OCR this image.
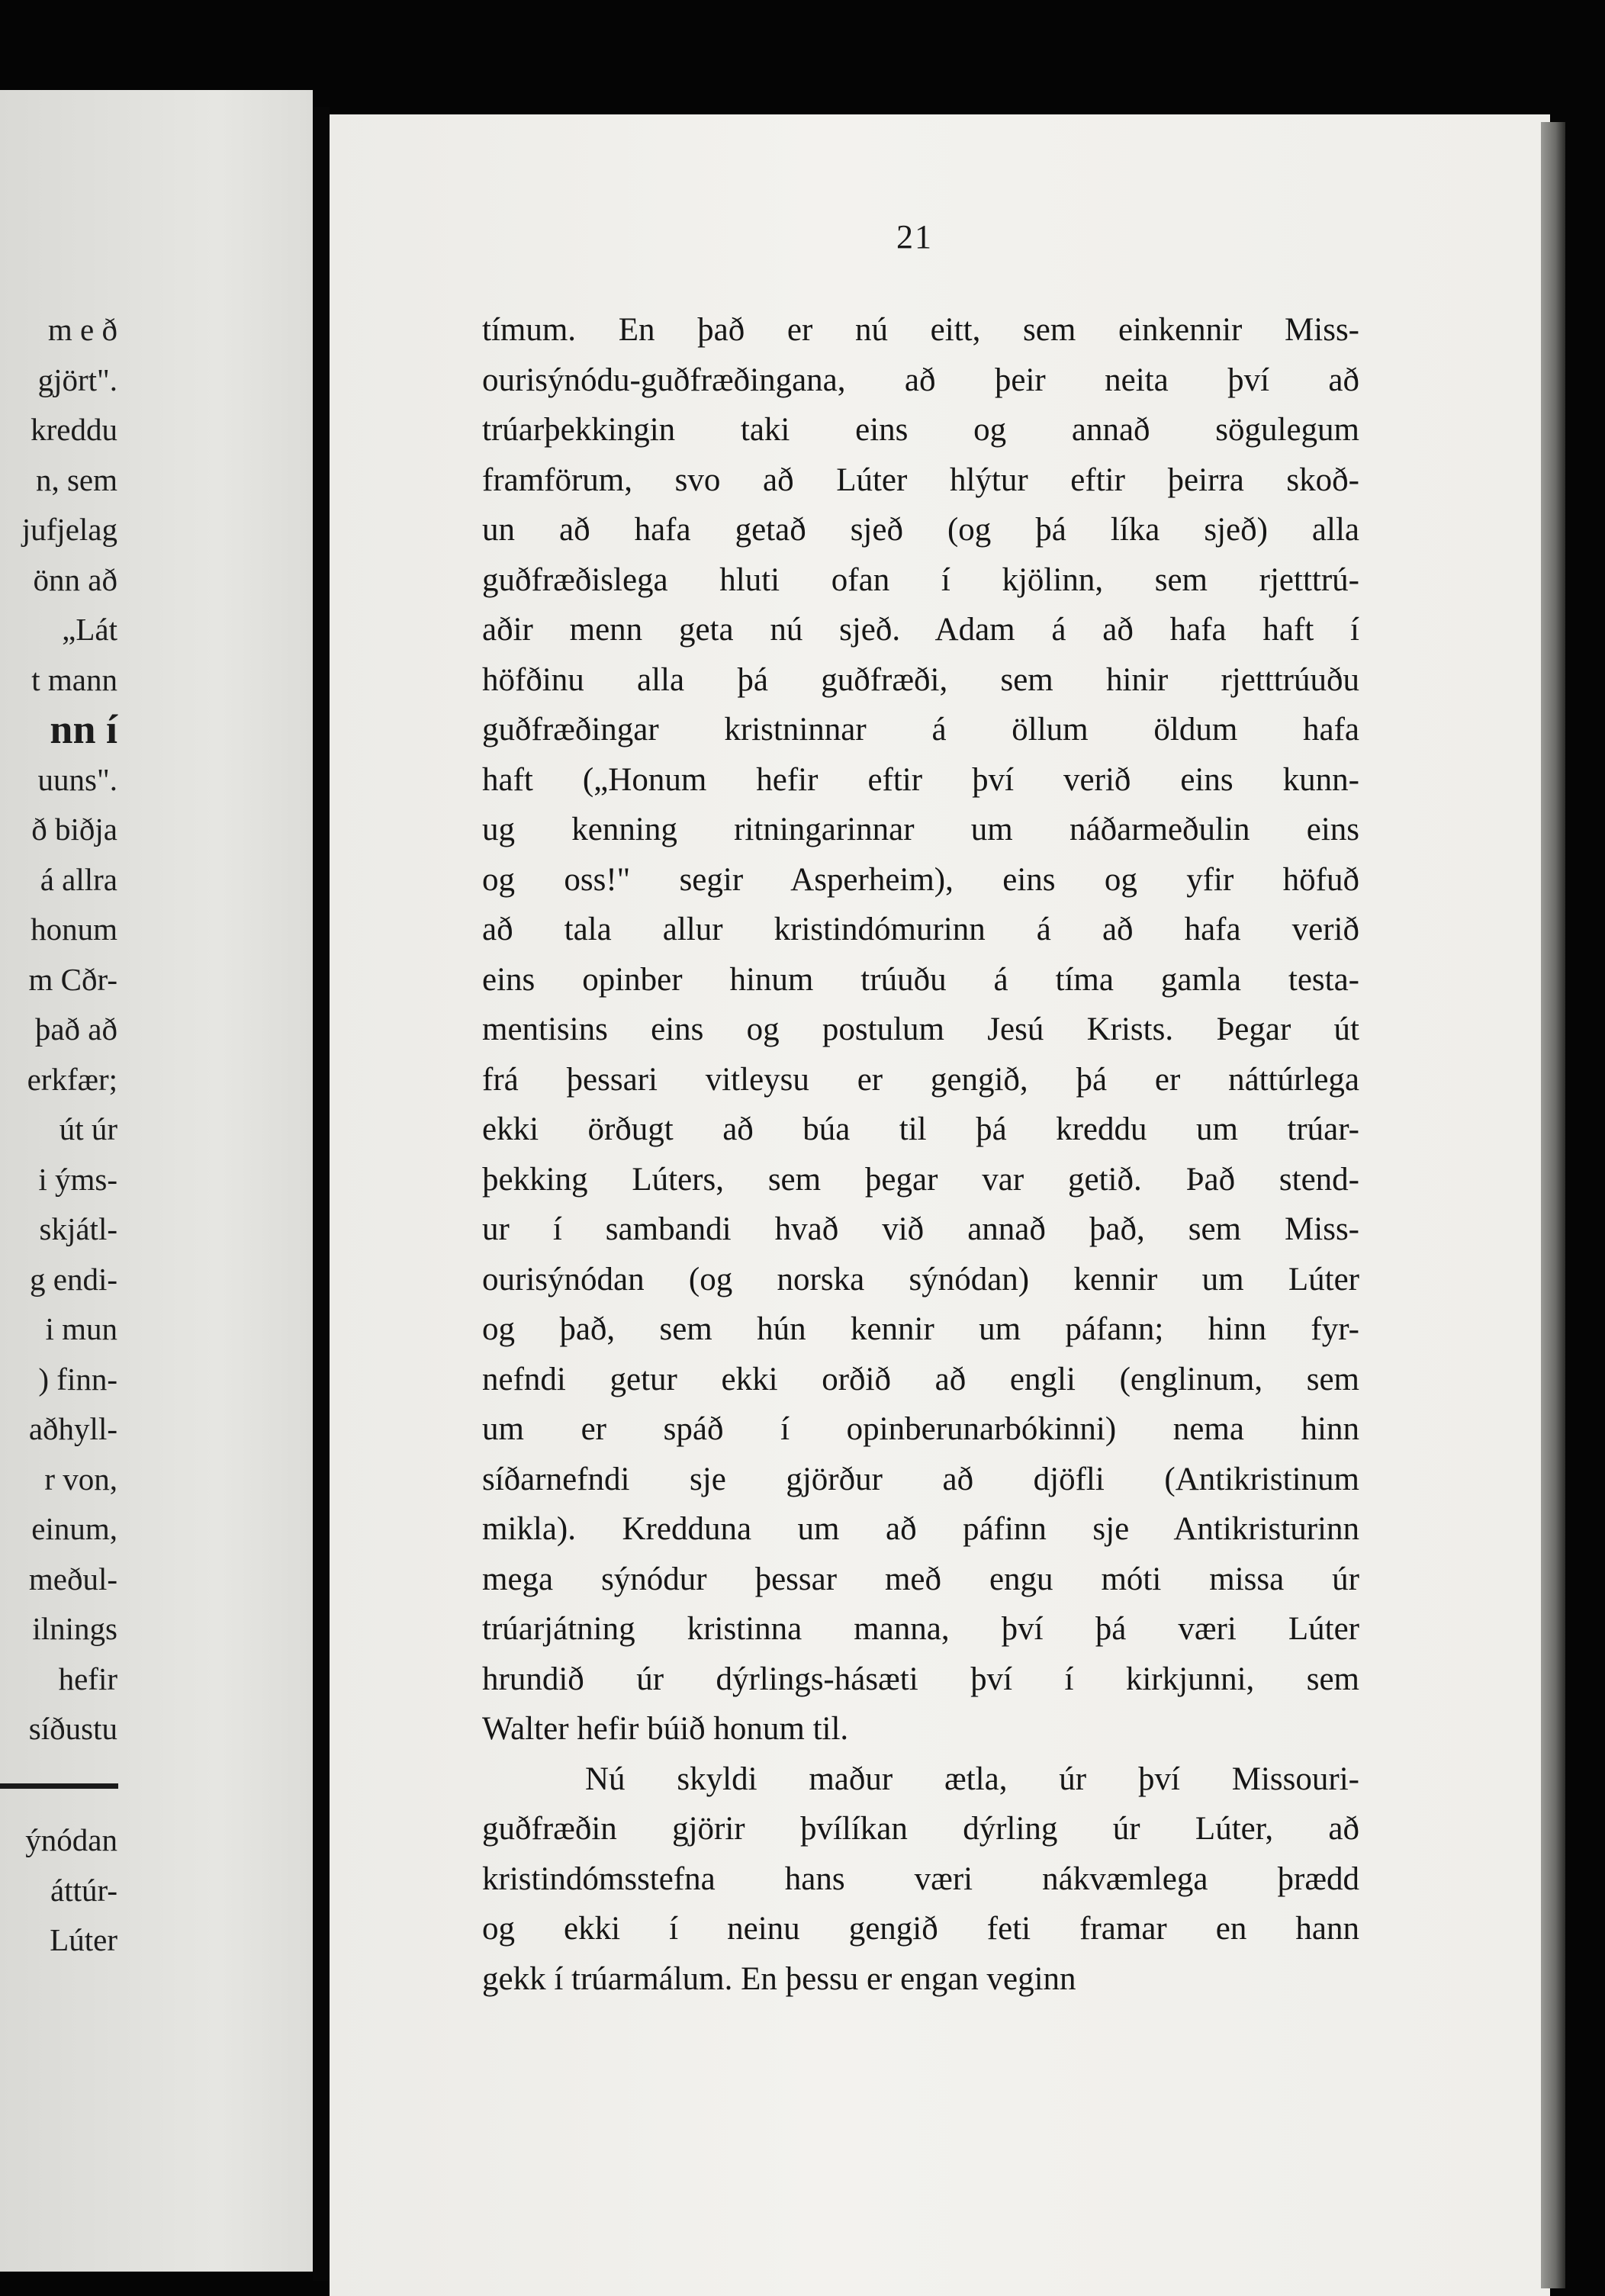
21
tímum. En það er nú eitt, sem einkennir Miss-
ourisýnódu-guðfræðingana, að þeir neita því að
trúarþekkingin taki eins og annað sögulegum
framförum, svo að Lúter hlýtur eftir þeirra skoð-
un að hafa getað sjeð (og þá líka sjeð) alla
guðfræðislega hluti ofan í kjölinn, sem rjetttrú-
aðir menn geta nú sjeð. Adam á að hafa haft í
höfðinu alla þá guðfræði, sem hinir rjetttrúuðu
guðfræðingar kristninnar á öllum öldum hafa
haft („Honum hefir eftir því verið eins kunn-
ug kenning ritningarinnar um náðarmeðulin eins
og oss!" segir Asperheim), eins og yfir höfuð
að tala allur kristindómurinn á að hafa verið
eins opinber hinum trúuðu á tíma gamla testa-
mentisins eins og postulum Jesú Krists. Þegar út
frá þessari vitleysu er gengið, þá er náttúrlega
ekki örðugt að búa til þá kreddu um trúar-
þekking Lúters, sem þegar var getið. Það stend-
ur í sambandi hvað við annað það, sem Miss-
ourisýnódan (og norska sýnódan) kennir um Lúter
og það, sem hún kennir um páfann; hinn fyr-
nefndi getur ekki orðið að engli (englinum, sem
um er spáð í opinberunarbókinni) nema hinn
síðarnefndi sje gjörður að djöfli (Antikristinum
mikla). Kredduna um að páfinn sje Antikristurinn
mega sýnódur þessar með engu móti missa úr
trúarjátning kristinna manna, því þá væri Lúter
hrundið úr dýrlings-hásæti því í kirkjunni, sem
Walter hefir búið honum til.
Nú skyldi maður ætla, úr því Missouri-
guðfræðin gjörir þvílíkan dýrling úr Lúter, að
kristindómsstefna hans væri nákvæmlega þrædd
og ekki í neinu gengið feti framar en hann
gekk í trúarmálum. En þessu er engan veginn
m e ð
gjört".
kreddu
n, sem
jufjelag
önn að
„Lát
t mann
nn í
uuns".
ð biðja
á allra
honum
m Cðr-
það að
erkfær;
út úr
i ýms-
skjátl-
g endi-
i mun
) finn-
aðhyll-
r von,
einum,
meðul-
ilnings
hefir
síðustu
ýnódan
áttúr-
Lúter
